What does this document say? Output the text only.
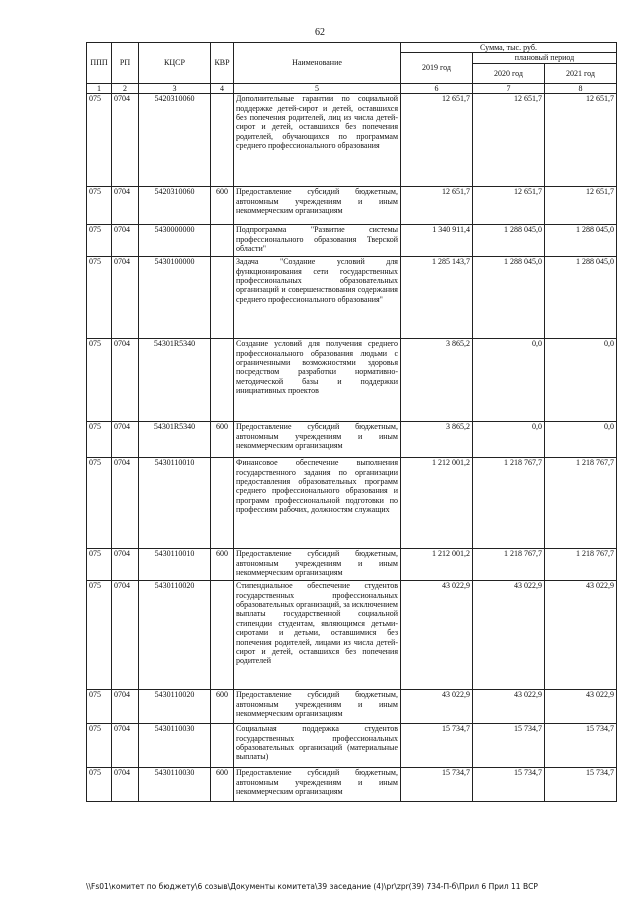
62
ППП	РП	КЦСР	КВР	Наименование	Сумма, тыс. руб.		
					2019 год	плановый период	
						2020 год	2021 год
1	2	3	4	5	6	7	8
075	0704	5420310060		Дополнительные гарантии по социальной поддержке детей-сирот и детей, оставшихся без попечения родителей, лиц из числа детей-сирот и детей, оставшихся без попечения родителей, обучающихся по программам среднего профессионального образования	12 651,7	12 651,7	12 651,7
075	0704	5420310060	600	Предоставление субсидий бюджетным, автономным учреждениям и иным некоммерческим организациям	12 651,7	12 651,7	12 651,7
075	0704	5430000000		Подпрограмма "Развитие системы профессионального образования Тверской области"	1 340 911,4	1 288 045,0	1 288 045,0
075	0704	5430100000		Задача "Создание условий для функционирования сети государственных профессиональных образовательных организаций и совершенствования содержания среднего профессионального образования"	1 285 143,7	1 288 045,0	1 288 045,0
075	0704	54301R5340		Создание условий для получения среднего профессионального образования людьми с ограниченными возможностями здоровья посредством разработки нормативно-методической базы и поддержки инициативных проектов	3 865,2	0,0	0,0
075	0704	54301R5340	600	Предоставление субсидий бюджетным, автономным учреждениям и иным некоммерческим организациям	3 865,2	0,0	0,0
075	0704	5430110010		Финансовое обеспечение выполнения государственного задания по организации предоставления образовательных программ среднего профессионального образования и программ профессиональной подготовки по профессиям рабочих, должностям служащих	1 212 001,2	1 218 767,7	1 218 767,7
075	0704	5430110010	600	Предоставление субсидий бюджетным, автономным учреждениям и иным некоммерческим организациям	1 212 001,2	1 218 767,7	1 218 767,7
075	0704	5430110020		Стипендиальное обеспечение студентов государственных профессиональных образовательных организаций, за исключением выплаты государственной социальной стипендии студентам, являющимся детьми-сиротами и детьми, оставшимися без попечения родителей, лицами из числа детей-сирот и детей, оставшихся без попечения родителей	43 022,9	43 022,9	43 022,9
075	0704	5430110020	600	Предоставление субсидий бюджетным, автономным учреждениям и иным некоммерческим организациям	43 022,9	43 022,9	43 022,9
075	0704	5430110030		Социальная поддержка студентов государственных профессиональных образовательных организаций (материальные выплаты)	15 734,7	15 734,7	15 734,7
075	0704	5430110030	600	Предоставление субсидий бюджетным, автономным учреждениям и иным некоммерческим организациям	15 734,7	15 734,7	15 734,7
\\Fs01\комитет по бюджету\6 созыв\Документы комитета\39 заседание (4)\pr\zpr(39) 734-П-б\Прил 6 Прил 11 ВСР
